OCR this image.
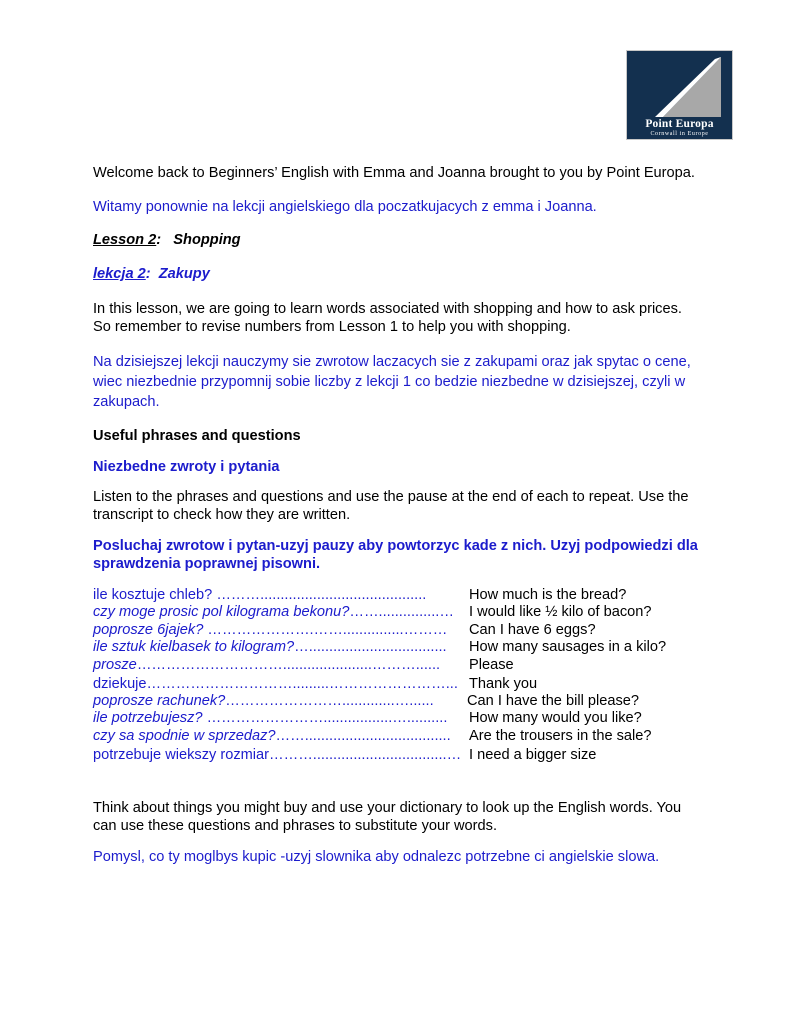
Point Europa
Cornwall in Europe

Welcome back to Beginners’ English with Emma and Joanna brought to you by Point Europa.

Witamy ponownie na lekcji angielskiego dla poczatkujacych z emma i Joanna.

Lesson 2:   Shopping

lekcja 2:  Zakupy

In this lesson, we are going to learn words associated with shopping and how to ask prices.

So remember to revise numbers from Lesson 1 to help you with shopping.

Na dzisiejszej lekcji nauczymy sie zwrotow laczacych sie z zakupami oraz jak spytac o cene,

wiec niezbednie przypomnij sobie liczby z lekcji 1 co bedzie niezbedne w dzisiejszej, czyli w

zakupach.

Useful phrases and questions

Niezbedne zwroty i pytania

Listen to the phrases and questions and use the pause at the end of each to repeat. Use the

transcript to check how they are written.

Posluchaj zwrotow i pytan-uzyj pauzy aby powtorzyc kade z nich. Uzyj podpowiedzi dla

sprawdzenia poprawnej pisowni.

ile kosztuje chleb? ……….........................................	How much is the bread?
czy moge prosic pol kilograma bekonu?……...............… I would like ½ kilo of bacon?
poprosze 6jajek? ………………….……...............……… Can I have 6 eggs?
ile sztuk kielbasek to kilogram?….................................. How many sausages in a kilo?
prosze…………………………......................………...... Please
dziekuje………………………….........……………………... Thank you
poprosze rachunek?…………………….............…...... Can I have the bill please?
ile potrzebujesz? …………………….................….......... How many would you like?
czy sa spodnie w sprzedaz?…….................................... Are the trousers in the sale?
potrzebuje wiekszy rozmiar……….................................… I need a bigger size

Think about things you might buy and use your dictionary to look up the English words. You

can use these questions and phrases to substitute your words.

Pomysl, co ty moglbys kupic -uzyj slownika aby odnalezc potrzebne ci angielskie slowa.
